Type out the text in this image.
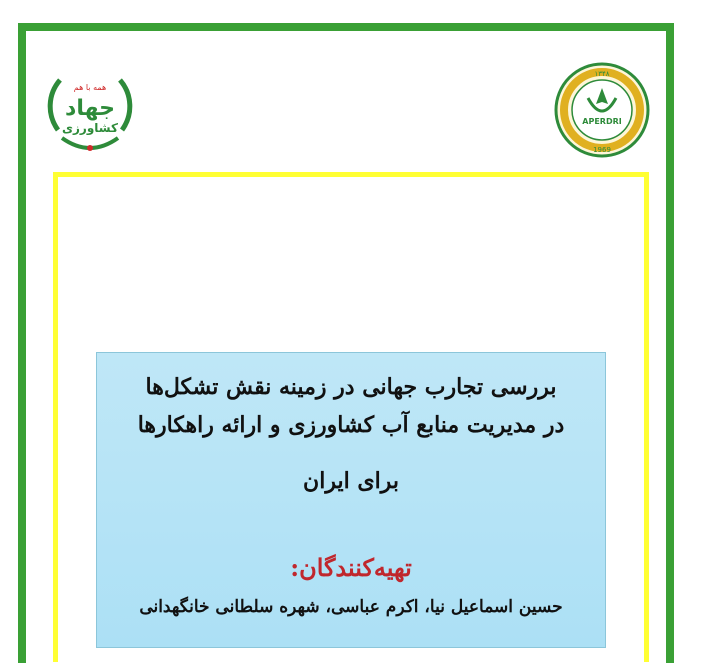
همه با هم
جهاد
کشاورزی
۱۳۴۸
APERDRI
1969
بررسی تجارب جهانی در زمینه نقش تشکل‌ها
در مدیریت منابع آب کشاورزی و ارائه راهکارها
برای ایران
تهیه‌کنندگان:
حسین اسماعیل نیا، اکرم عباسی، شهره سلطانی خانگهدانی
